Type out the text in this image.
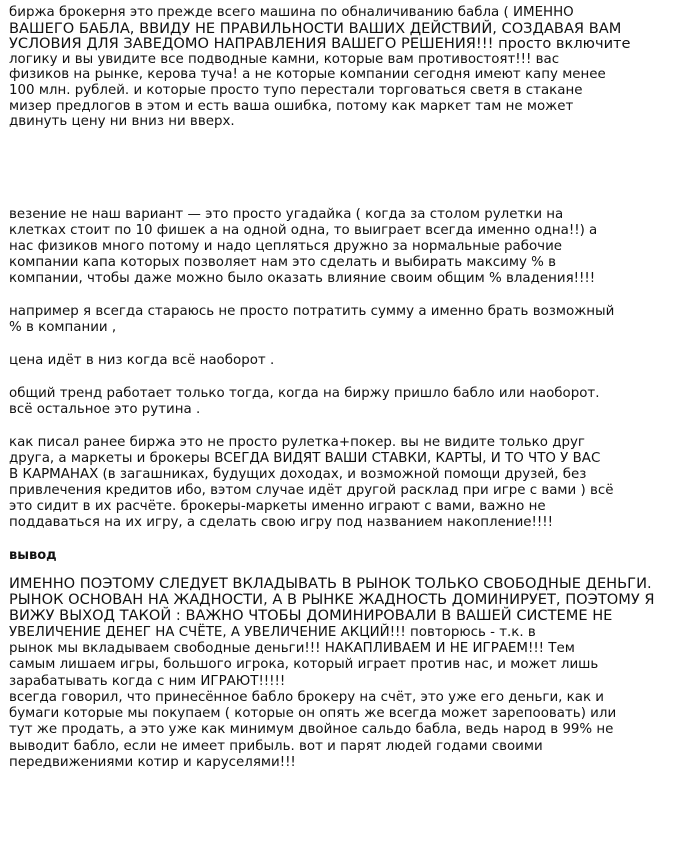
биржа брокерня это прежде всего машина по обналичиванию бабла ( ИМЕННО
ВАШЕГО БАБЛА, ВВИДУ НЕ ПРАВИЛЬНОСТИ ВАШИХ ДЕЙСТВИЙ, СОЗДАВАЯ ВАМ
УСЛОВИЯ ДЛЯ ЗАВЕДОМО НАПРАВЛЕНИЯ ВАШЕГО РЕШЕНИЯ!!! просто включите
логику и вы увидите все подводные камни, которые вам противостоят!!! вас
физиков на рынке, керова туча! а не которые компании сегодня имеют капу менее
100 млн. рублей. и которые просто тупо перестали торговаться светя в стакане
мизер предлогов в этом и есть ваша ошибка, потому как маркет там не может
двинуть цену ни вниз ни вверх.

везение не наш вариант — это просто угадайка ( когда за столом рулетки на
клетках стоит по 10 фишек а на одной одна, то выиграет всегда именно одна!!) а
нас физиков много потому и надо цепляться дружно за нормальные рабочие
компании капа которых позволяет нам это сделать и выбирать максиму % в
компании, чтобы даже можно было оказать влияние своим общим % владения!!!!

например я всегда стараюсь не просто потратить сумму а именно брать возможный
% в компании ,

цена идёт в низ когда всё наоборот .

общий тренд работает только тогда, когда на биржу пришло бабло или наоборот.
всё остальное это рутина .

как писал ранее биржа это не просто рулетка+покер. вы не видите только друг
друга, а маркеты и брокеры ВСЕГДА ВИДЯТ ВАШИ СТАВКИ, КАРТЫ, И ТО ЧТО У ВАС
В КАРМАНАХ (в загашниках, будущих доходах, и возможной помощи друзей, без
привлечения кредитов ибо, вэтом случае идёт другой расклад при игре с вами ) всё
это сидит в их расчёте. брокеры-маркеты именно играют с вами, важно не
поддаваться на их игру, а сделать свою игру под названием накопление!!!!

вывод

ИМЕННО ПОЭТОМУ СЛЕДУЕТ ВКЛАДЫВАТЬ В РЫНОК ТОЛЬКО СВОБОДНЫЕ ДЕНЬГИ.
РЫНОК ОСНОВАН НА ЖАДНОСТИ, А В РЫНКЕ ЖАДНОСТЬ ДОМИНИРУЕТ, ПОЭТОМУ Я
ВИЖУ ВЫХОД ТАКОЙ : ВАЖНО ЧТОБЫ ДОМИНИРОВАЛИ В ВАШЕЙ СИСТЕМЕ НЕ
УВЕЛИЧЕНИЕ ДЕНЕГ НА СЧЁТЕ, А УВЕЛИЧЕНИЕ АКЦИЙ!!! повторюсь - т.к. в
рынок мы вкладываем свободные деньги!!! НАКАПЛИВАЕМ И НЕ ИГРАЕМ!!! Тем
самым лишаем игры, большого игрока, который играет против нас, и может лишь
зарабатывать когда с ним ИГРАЮТ!!!!!
всегда говорил, что принесённое бабло брокеру на счёт, это уже его деньги, как и
бумаги которые мы покупаем ( которые он опять же всегда может зарепоовать) или
тут же продать, а это уже как минимум двойное сальдо бабла, ведь народ в 99% не
выводит бабло, если не имеет прибыль. вот и парят людей годами своими
передвижениями котир и каруселями!!!
